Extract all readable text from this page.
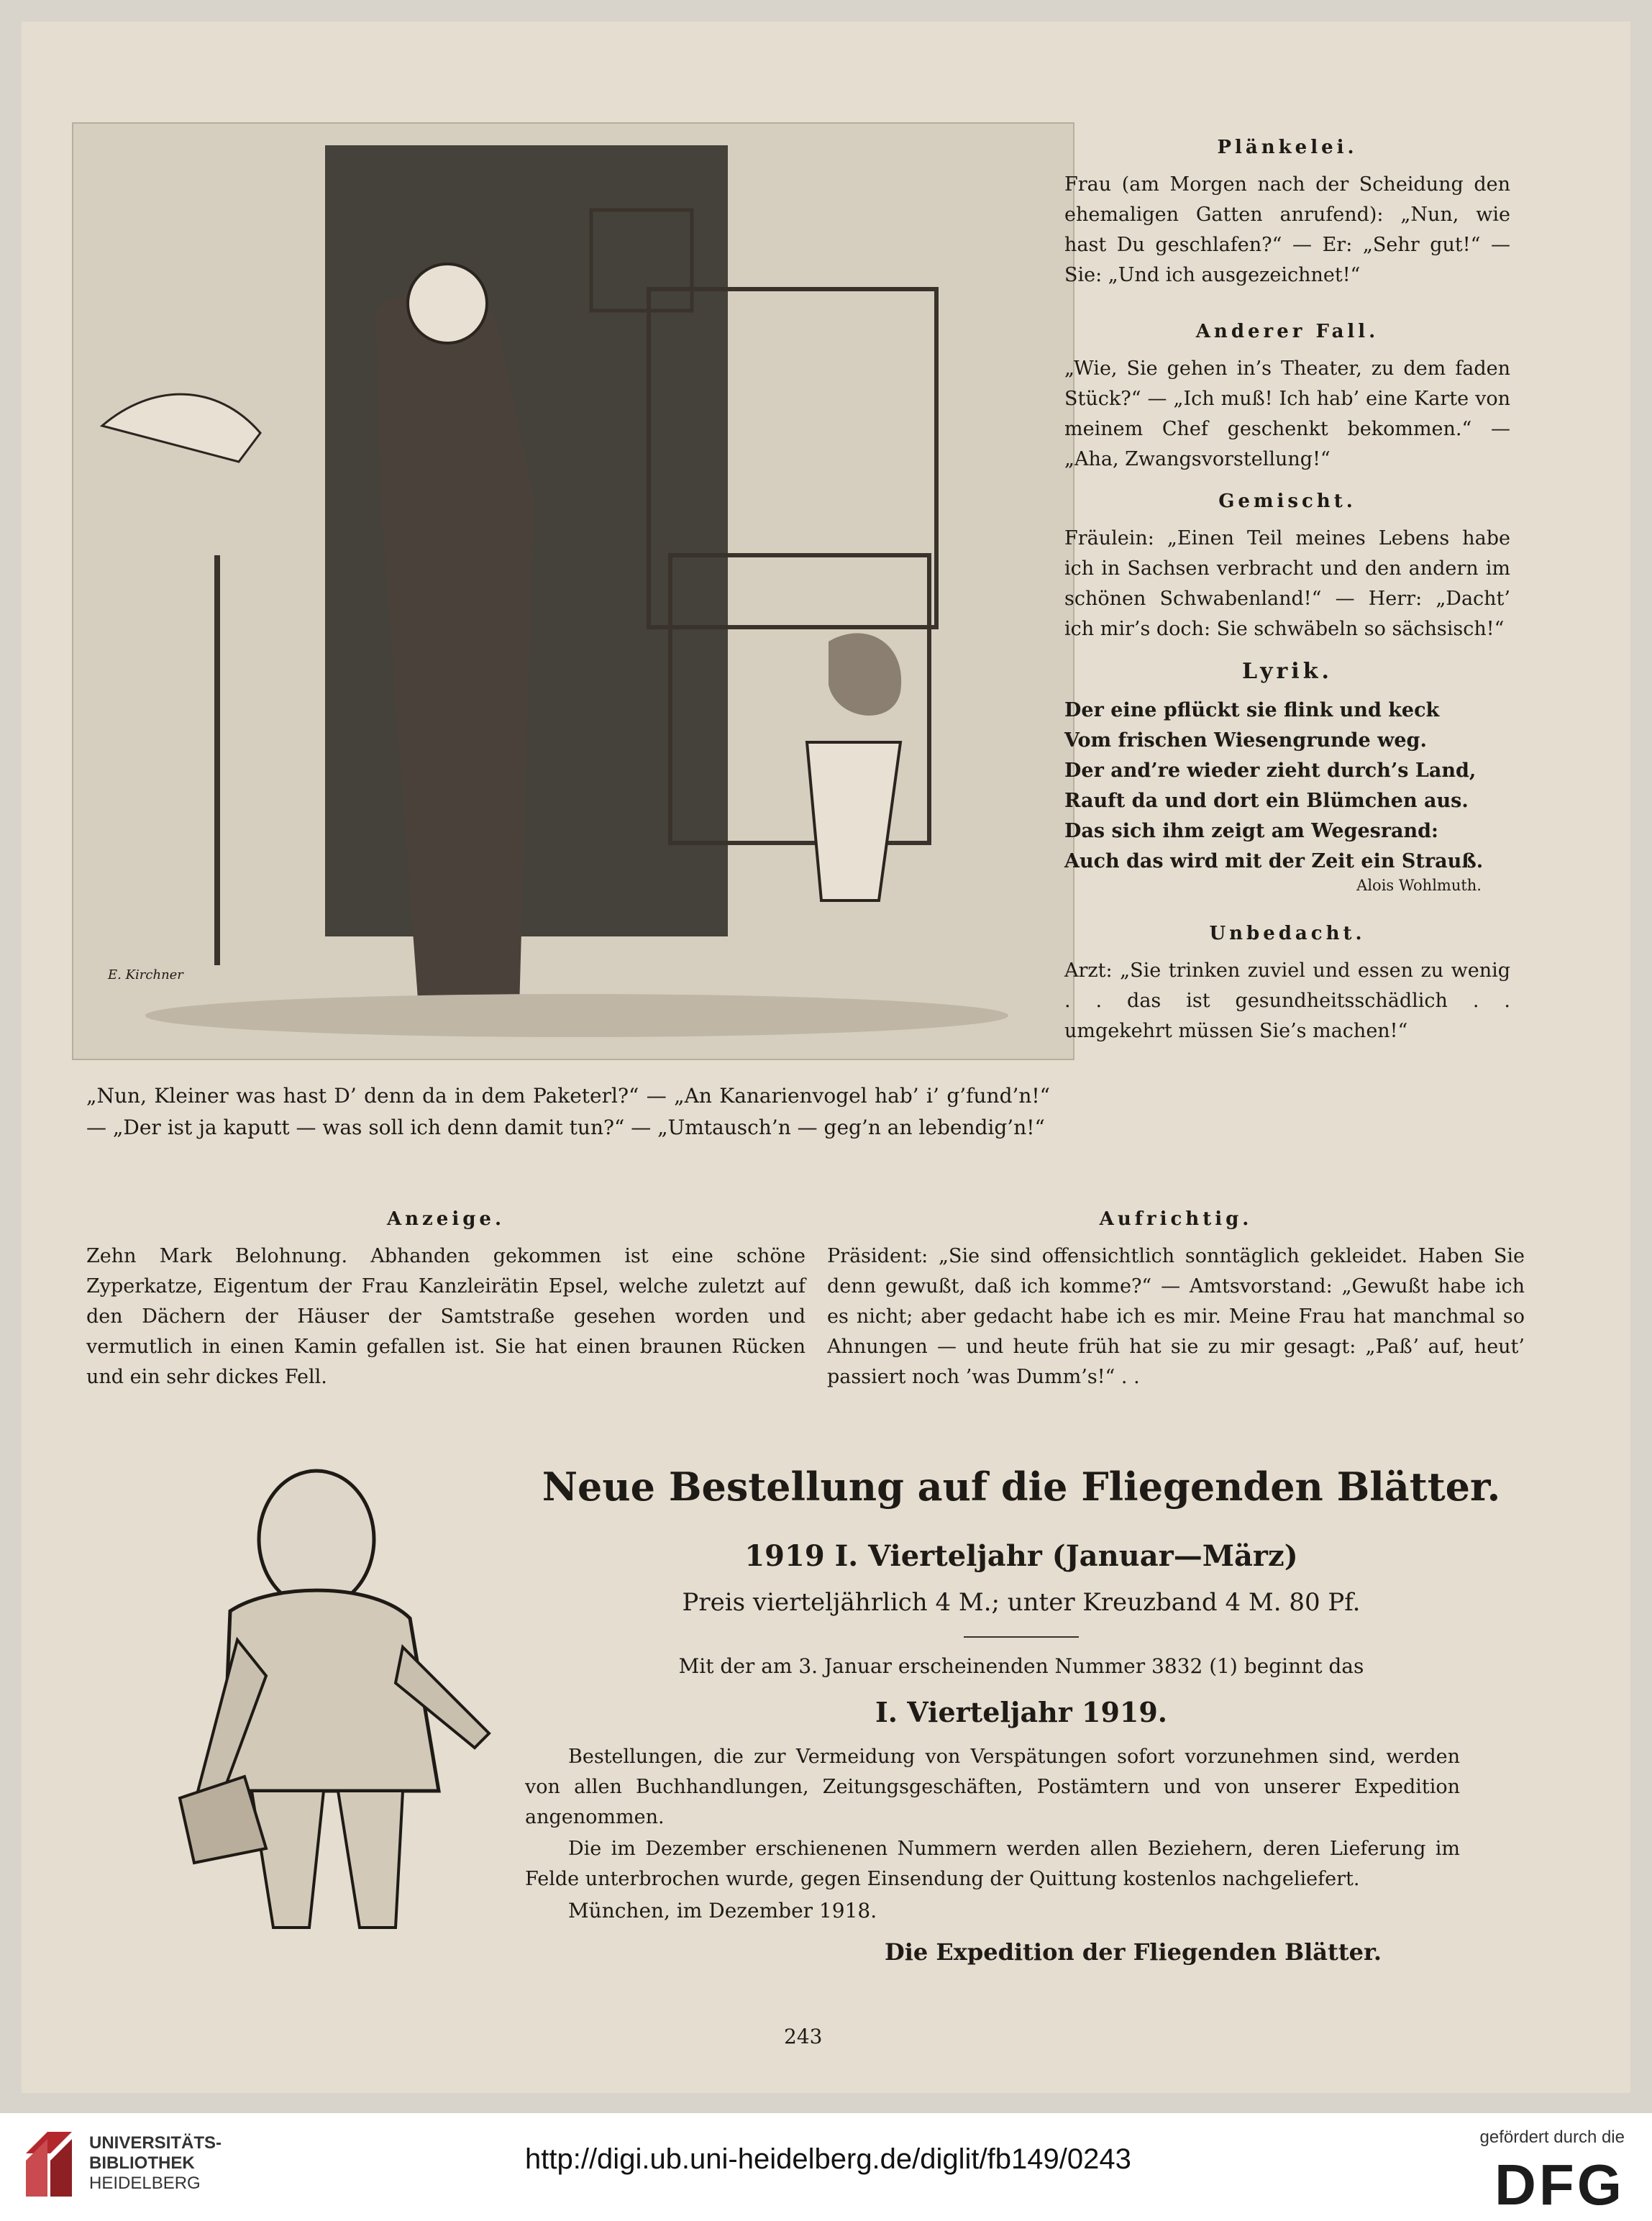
E. Kirchner

Plänkelei.

Frau (am Morgen nach der Scheidung den ehemaligen Gatten anrufend): „Nun, wie hast Du geschlafen?“ — Er: „Sehr gut!“ — Sie: „Und ich ausgezeichnet!“

Anderer Fall.

„Wie, Sie gehen in’s Theater, zu dem faden Stück?“ — „Ich muß! Ich hab’ eine Karte von meinem Chef geschenkt bekommen.“ — „Aha, Zwangsvorstellung!“

Gemischt.

Fräulein: „Einen Teil meines Lebens habe ich in Sachsen verbracht und den andern im schönen Schwabenland!“ — Herr: „Dacht’ ich mir’s doch: Sie schwäbeln so sächsisch!“

Lyrik.

Der eine pflückt sie flink und keck
Vom frischen Wiesengrunde weg.
Der and’re wieder zieht durch’s Land,
Rauft da und dort ein Blümchen aus.
Das sich ihm zeigt am Wegesrand:
Auch das wird mit der Zeit ein Strauß.
Alois Wohlmuth.

Unbedacht.

Arzt: „Sie trinken zuviel und essen zu wenig . . das ist gesundheitsschädlich . . umgekehrt müssen Sie’s machen!“

„Nun, Kleiner was hast D’ denn da in dem Paketerl?“ — „An Kanarienvogel hab’ i’ g’fund’n!“ — „Der ist ja kaputt — was soll ich denn damit tun?“ — „Umtausch’n — geg’n an lebendig’n!“

Anzeige.

Zehn Mark Belohnung. Abhanden gekommen ist eine schöne Zyperkatze, Eigentum der Frau Kanzleirätin Epsel, welche zuletzt auf den Dächern der Häuser der Samtstraße gesehen worden und vermutlich in einen Kamin gefallen ist. Sie hat einen braunen Rücken und ein sehr dickes Fell.

Aufrichtig.

Präsident: „Sie sind offensichtlich sonntäglich gekleidet. Haben Sie denn gewußt, daß ich komme?“ — Amtsvorstand: „Gewußt habe ich es nicht; aber gedacht habe ich es mir. Meine Frau hat manchmal so Ahnungen — und heute früh hat sie zu mir gesagt: „Paßʼ auf, heut’ passiert noch ’was Dumm’s!“ . .

Neue Bestellung auf die Fliegenden Blätter.
1919 I. Vierteljahr (Januar—März)
Preis vierteljährlich 4 M.; unter Kreuzband 4 M. 80 Pf.
Mit der am 3. Januar erscheinenden Nummer 3832 (1) beginnt das
I. Vierteljahr 1919.

Bestellungen, die zur Vermeidung von Verspätungen sofort vorzunehmen sind, werden von allen Buchhandlungen, Zeitungsgeschäften, Postämtern und von unserer Expedition angenommen.

Die im Dezember erschienenen Nummern werden allen Beziehern, deren Lieferung im Felde unterbrochen wurde, gegen Einsendung der Quittung kostenlos nachgeliefert.

München, im Dezember 1918.
Die Expedition der Fliegenden Blätter.
243
UNIVERSITÄTS-
BIBLIOTHEK
HEIDELBERG
http://digi.ub.uni-heidelberg.de/diglit/fb149/0243
gefördert durch die
DFG
